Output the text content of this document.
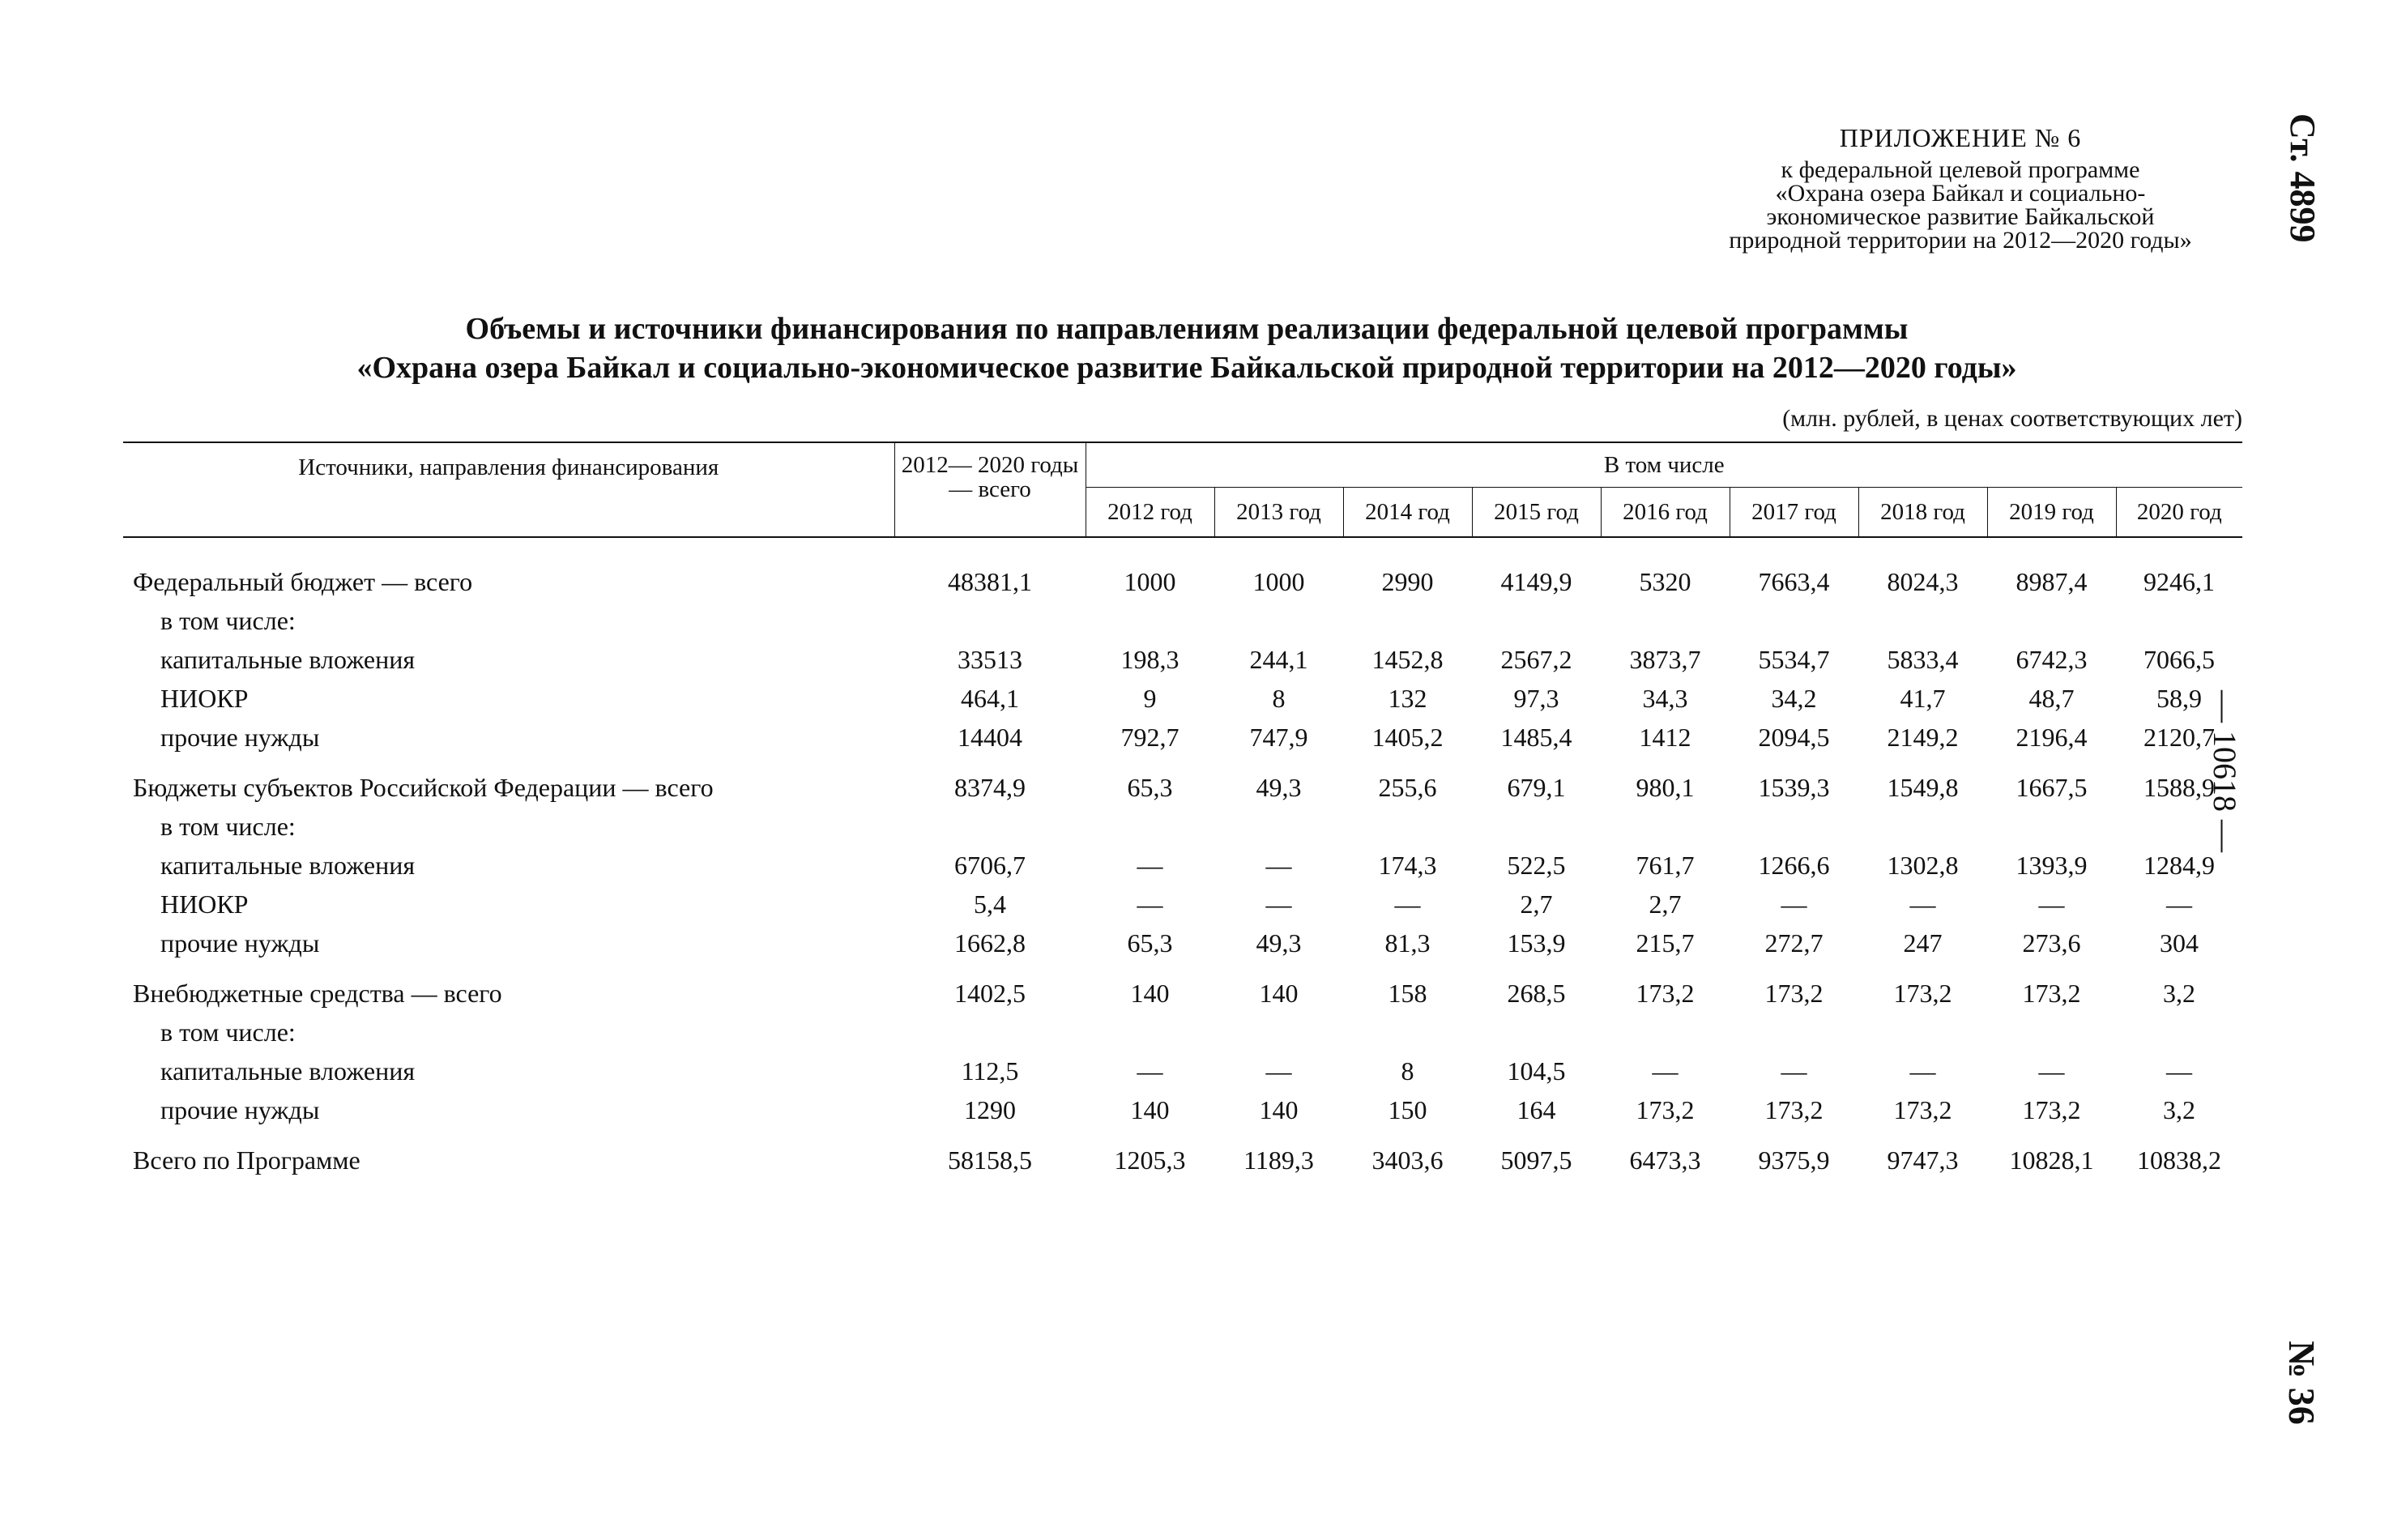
Ст. 4899
— 10618 —
№ 36
ПРИЛОЖЕНИЕ № 6
к федеральной целевой программе
«Охрана озера Байкал и социально-
экономическое развитие Байкальской
природной территории на 2012—2020 годы»
Объемы и источники финансирования по направлениям реализации федеральной целевой программы
«Охрана озера Байкал и социально-экономическое развитие Байкальской природной территории на 2012—2020 годы»
(млн. рублей, в ценах соответствующих лет)
Источники, направления финансирования	2012— 2020 годы — всего	В том числе								
		2012 год	2013 год	2014 год	2015 год	2016 год	2017 год	2018 год	2019 год	2020 год

Федеральный бюджет — всего	48381,1	1000	1000	2990	4149,9	5320	7663,4	8024,3	8987,4	9246,1
в том числе:										
капитальные вложения	33513	198,3	244,1	1452,8	2567,2	3873,7	5534,7	5833,4	6742,3	7066,5
НИОКР	464,1	9	8	132	97,3	34,3	34,2	41,7	48,7	58,9
прочие нужды	14404	792,7	747,9	1405,2	1485,4	1412	2094,5	2149,2	2196,4	2120,7

Бюджеты субъектов Российской Федерации — всего	8374,9	65,3	49,3	255,6	679,1	980,1	1539,3	1549,8	1667,5	1588,9
в том числе:										
капитальные вложения	6706,7	—	—	174,3	522,5	761,7	1266,6	1302,8	1393,9	1284,9
НИОКР	5,4	—	—	—	2,7	2,7	—	—	—	—
прочие нужды	1662,8	65,3	49,3	81,3	153,9	215,7	272,7	247	273,6	304

Внебюджетные средства — всего	1402,5	140	140	158	268,5	173,2	173,2	173,2	173,2	3,2
в том числе:										
капитальные вложения	112,5	—	—	8	104,5	—	—	—	—	—
прочие нужды	1290	140	140	150	164	173,2	173,2	173,2	173,2	3,2

Всего по Программе	58158,5	1205,3	1189,3	3403,6	5097,5	6473,3	9375,9	9747,3	10828,1	10838,2
